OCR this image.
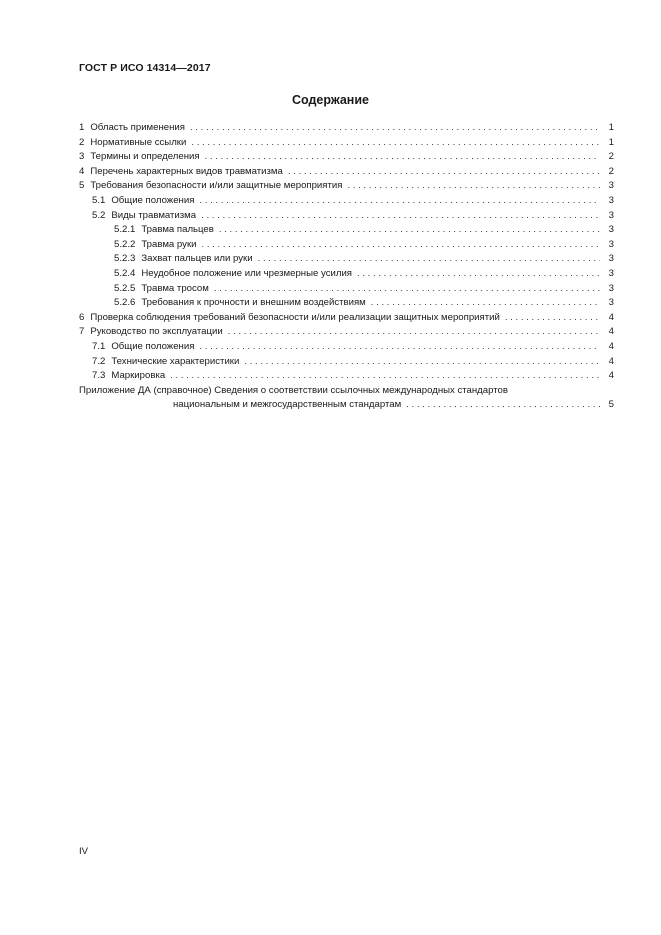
ГОСТ Р ИСО 14314—2017
Содержание
1 Область применения . . .	1
2 Нормативные ссылки . . .	1
3 Термины и определения . . .	2
4 Перечень характерных видов травматизма . . .	2
5 Требования безопасности и/или защитные мероприятия . . .	3
5.1 Общие положения . . .	3
5.2 Виды травматизма . . .	3
5.2.1 Травма пальцев . . .	3
5.2.2 Травма руки . . .	3
5.2.3 Захват пальцев или руки . . .	3
5.2.4 Неудобное положение или чрезмерные усилия . . .	3
5.2.5 Травма тросом . . .	3
5.2.6 Требования к прочности и внешним воздействиям . . .	3
6 Проверка соблюдения требований безопасности и/или реализации защитных мероприятий . . .	4
7 Руководство по эксплуатации . . .	4
7.1 Общие положения . . .	4
7.2 Технические характеристики . . .	4
7.3 Маркировка . . .	4
Приложение ДА (справочное) Сведения о соответствии ссылочных международных стандартов
национальным и межгосударственным стандартам . . .	5
IV
